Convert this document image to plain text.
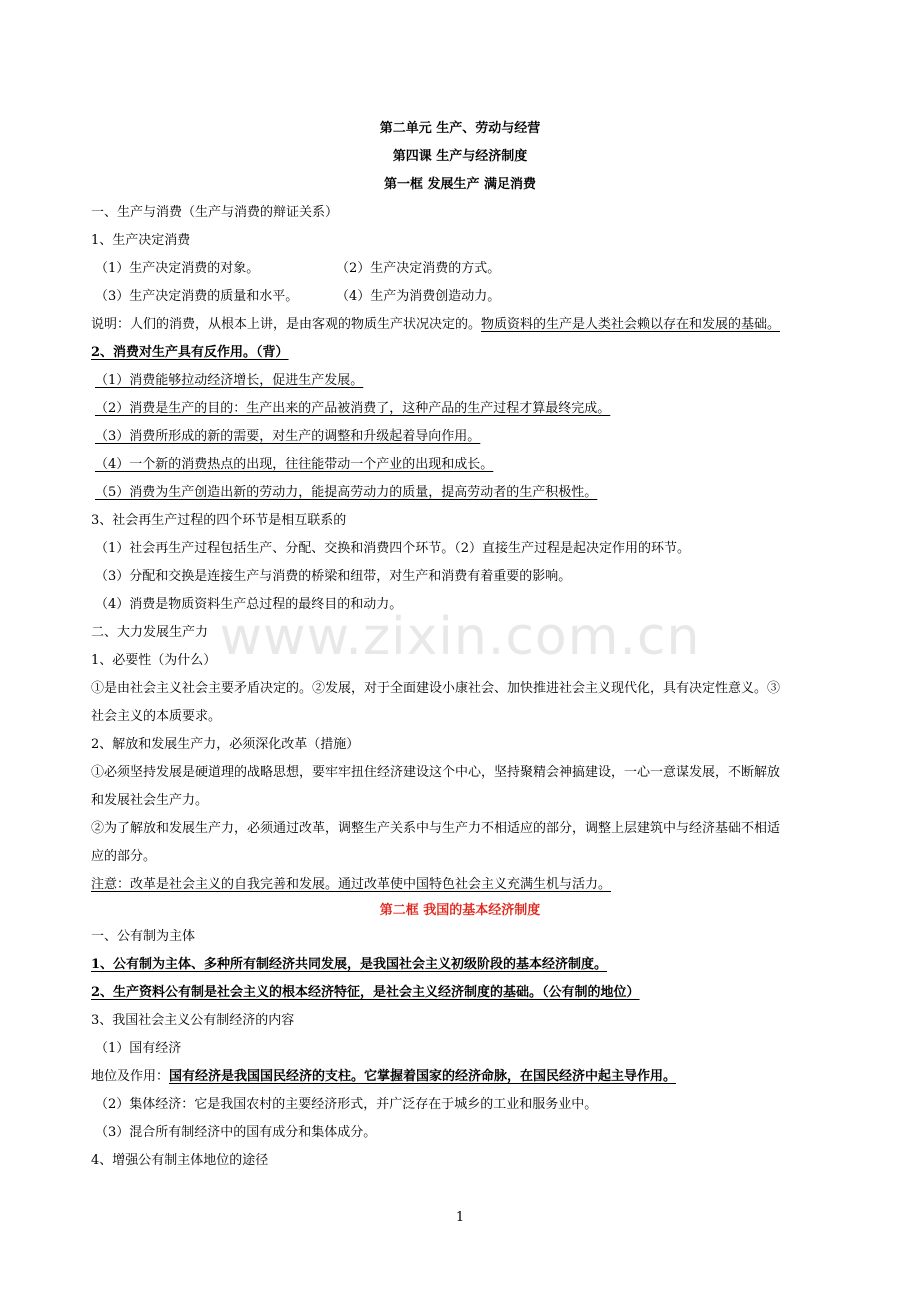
www.zixin.com.cn
第二单元 生产、劳动与经营
第四课 生产与经济制度
第一框 发展生产 满足消费
一、生产与消费（生产与消费的辩证关系）
1、生产决定消费
（1）生产决定消费的对象。	（2）生产决定消费的方式。
（3）生产决定消费的质量和水平。	（4）生产为消费创造动力。
说明：人们的消费，从根本上讲，是由客观的物质生产状况决定的。物质资料的生产是人类社会赖以存在和发展的基础。
2、消费对生产具有反作用。（背）
（1）消费能够拉动经济增长，促进生产发展。
（2）消费是生产的目的：生产出来的产品被消费了，这种产品的生产过程才算最终完成。
（3）消费所形成的新的需要，对生产的调整和升级起着导向作用。
（4）一个新的消费热点的出现，往往能带动一个产业的出现和成长。
（5）消费为生产创造出新的劳动力，能提高劳动力的质量，提高劳动者的生产积极性。
3、社会再生产过程的四个环节是相互联系的
（1）社会再生产过程包括生产、分配、交换和消费四个环节。（2）直接生产过程是起决定作用的环节。
（3）分配和交换是连接生产与消费的桥梁和纽带，对生产和消费有着重要的影响。
（4）消费是物质资料生产总过程的最终目的和动力。
二、大力发展生产力
1、必要性（为什么）
①是由社会主义社会主要矛盾决定的。②发展，对于全面建设小康社会、加快推进社会主义现代化，具有决定性意义。③
社会主义的本质要求。
2、解放和发展生产力，必须深化改革（措施）
①必须坚持发展是硬道理的战略思想，要牢牢扭住经济建设这个中心，坚持聚精会神搞建设，一心一意谋发展，不断解放
和发展社会生产力。
②为了解放和发展生产力，必须通过改革，调整生产关系中与生产力不相适应的部分，调整上层建筑中与经济基础不相适
应的部分。
注意：改革是社会主义的自我完善和发展。通过改革使中国特色社会主义充满生机与活力。
第二框 我国的基本经济制度
一、公有制为主体
1、公有制为主体、多种所有制经济共同发展，是我国社会主义初级阶段的基本经济制度。
2、生产资料公有制是社会主义的根本经济特征，是社会主义经济制度的基础。（公有制的地位）
3、我国社会主义公有制经济的内容
（1）国有经济
地位及作用：国有经济是我国国民经济的支柱。它掌握着国家的经济命脉，在国民经济中起主导作用。
（2）集体经济：它是我国农村的主要经济形式，并广泛存在于城乡的工业和服务业中。
（3）混合所有制经济中的国有成分和集体成分。
4、增强公有制主体地位的途径
1
